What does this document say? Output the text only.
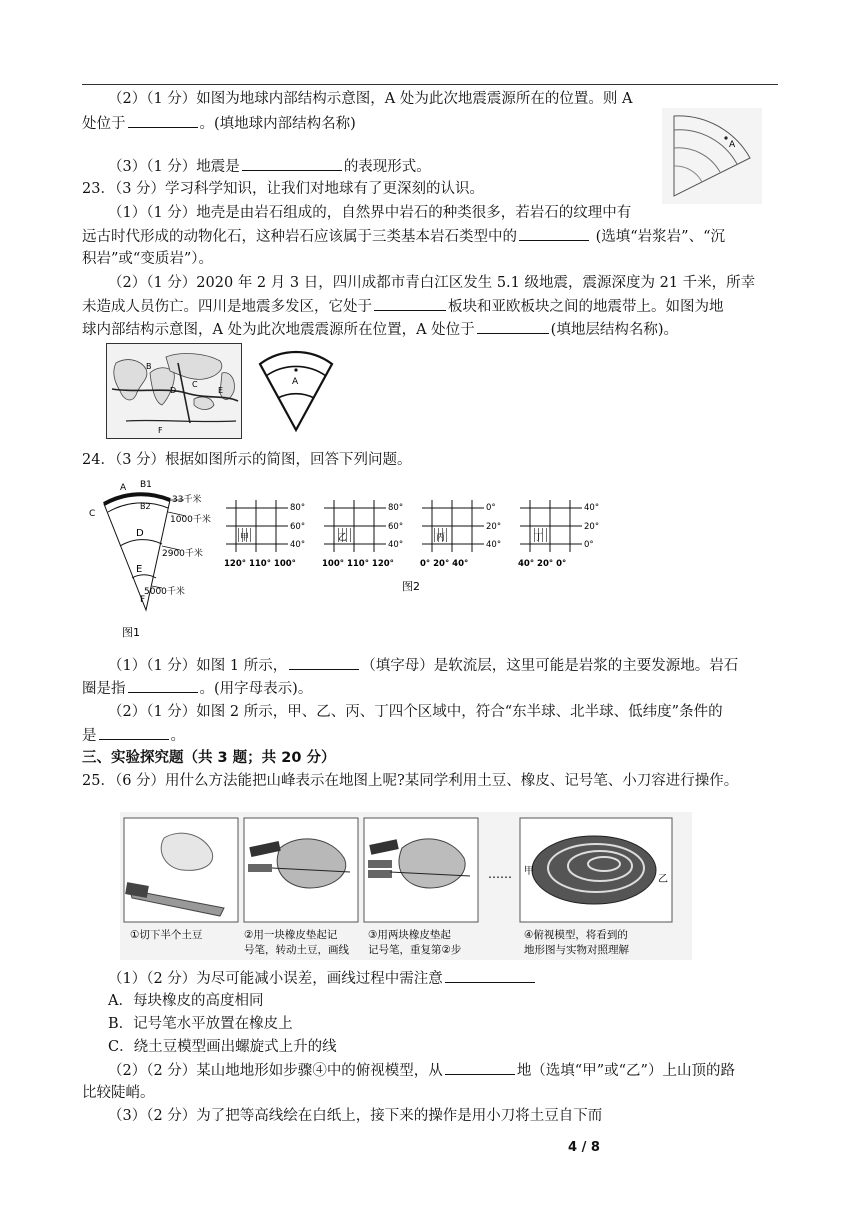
（2）（1 分）如图为地球内部结构示意图，A 处为此次地震震源所在的位置。则 A
处位于	。(填地球内部结构名称)
（3）（1 分）地震是	的表现形式。
23．（3 分）学习科学知识，让我们对地球有了更深刻的认识。
（1）（1 分）地壳是由岩石组成的，自然界中岩石的种类很多，若岩石的纹理中有
远古时代形成的动物化石，这种岩石应该属于三类基本岩石类型中的	(选填“岩浆岩”、“沉
积岩”或“变质岩”）。
（2）（1 分）2020 年 2 月 3 日，四川成都市青白江区发生 5.1 级地震，震源深度为 21 千米，所幸
未造成人员伤亡。四川是地震多发区，它处于	板块和亚欧板块之间的地震带上。如图为地
球内部结构示意图，A 处为此次地震震源所在位置，A 处位于	(填地层结构名称)。
A
B
C
D	E
F
A
24．（3 分）根据如图所示的简图，回答下列问题。
A B1
B2
C
D
E
F
33千米
1000千米
2900千米
5000千米
图1
甲
80°
60°
40°
120° 110° 100°
乙
80°
60°
40°
100° 110° 120°
丙
0°
20°
40°
0° 20° 40°
丁
40°
20°
0°
40° 20° 0°
图2
（1）（1 分）如图 1 所示，	（填字母）是软流层，这里可能是岩浆的主要发源地。岩石
圈是指	。(用字母表示)。
（2）（1 分）如图 2 所示，甲、乙、丙、丁四个区域中，符合“东半球、北半球、低纬度”条件的
是	。
三、实验探究题（共 3 题；共 20 分）
25．（6 分）用什么方法能把山峰表示在地图上呢?某同学利用土豆、橡皮、记号笔、小刀容进行操作。
…… 甲
乙
①切下半个土豆	②用一块橡皮垫起记
号笔，转动土豆，画线
③用两块橡皮垫起
记号笔，重复第②步
④俯视模型，将看到的
地形图与实物对照理解
（1）（2 分）为尽可能减小误差，画线过程中需注意
A．每块橡皮的高度相同
B．记号笔水平放置在橡皮上
C．绕土豆模型画出螺旋式上升的线
（2）（2 分）某山地地形如步骤④中的俯视模型，从	地（选填“甲”或“乙”）上山顶的路
比较陡峭。
（3）（2 分）为了把等高线绘在白纸上，接下来的操作是用小刀将土豆自下而
4 / 8
